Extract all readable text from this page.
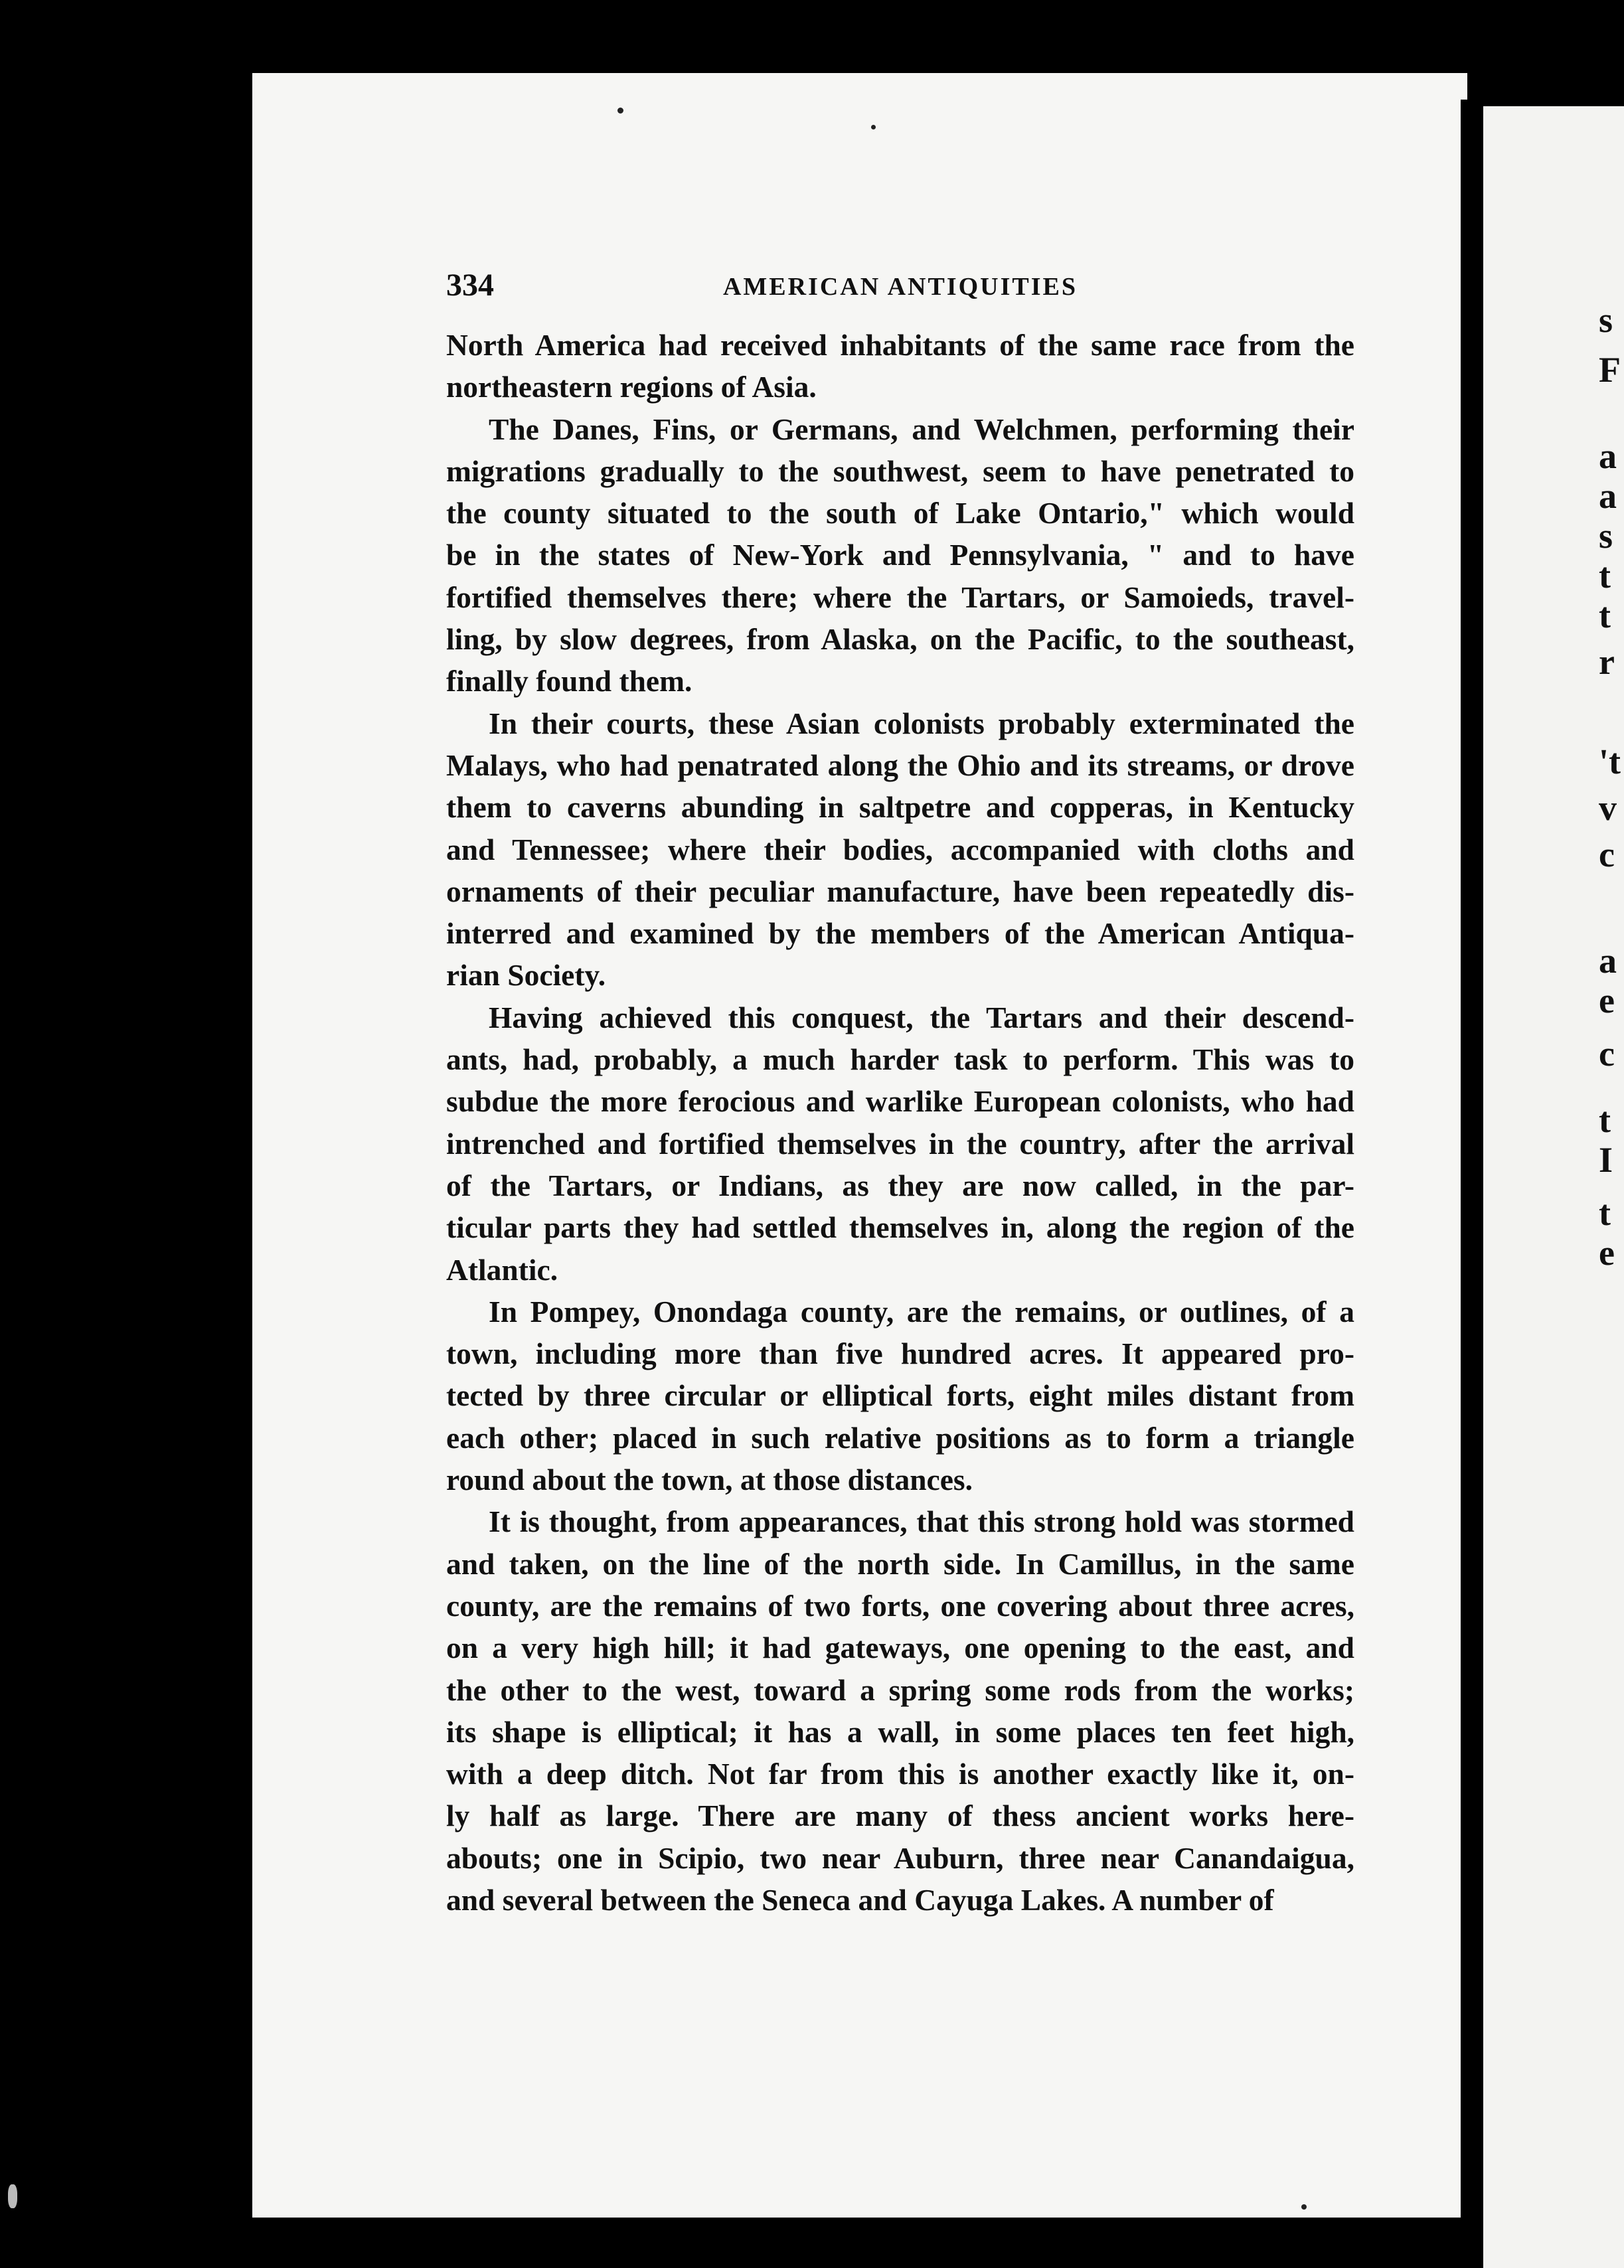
s
F
a
a
s
t
t
r
't
v
c
a
e
c
t
I
t
e
334	AMERICAN ANTIQUITIES

North America had received inhabitants of the same race from the
northeastern regions of Asia.

The Danes, Fins, or Germans, and Welchmen, performing their
migrations gradually to the southwest, seem to have penetrated to
the county situated to the south of Lake Ontario," which would
be in the states of New-York and Pennsylvania, " and to have
fortified themselves there; where the Tartars, or Samoieds, travel-
ling, by slow degrees, from Alaska, on the Pacific, to the southeast,
finally found them.

In their courts, these Asian colonists probably exterminated the
Malays, who had penatrated along the Ohio and its streams, or drove
them to caverns abunding in saltpetre and copperas, in Kentucky
and Tennessee; where their bodies, accompanied with cloths and
ornaments of their peculiar manufacture, have been repeatedly dis-
interred and examined by the members of the American Antiqua-
rian Society.

Having achieved this conquest, the Tartars and their descend-
ants, had, probably, a much harder task to perform. This was to
subdue the more ferocious and warlike European colonists, who had
intrenched and fortified themselves in the country, after the arrival
of the Tartars, or Indians, as they are now called, in the par-
ticular parts they had settled themselves in, along the region of the
Atlantic.

In Pompey, Onondaga county, are the remains, or outlines, of a
town, including more than five hundred acres. It appeared pro-
tected by three circular or elliptical forts, eight miles distant from
each other; placed in such relative positions as to form a triangle
round about the town, at those distances.

It is thought, from appearances, that this strong hold was stormed
and taken, on the line of the north side. In Camillus, in the same
county, are the remains of two forts, one covering about three acres,
on a very high hill; it had gateways, one opening to the east, and
the other to the west, toward a spring some rods from the works;
its shape is elliptical; it has a wall, in some places ten feet high,
with a deep ditch. Not far from this is another exactly like it, on-
ly half as large. There are many of thess ancient works here-
abouts; one in Scipio, two near Auburn, three near Canandaigua,
and several between the Seneca and Cayuga Lakes. A number of
